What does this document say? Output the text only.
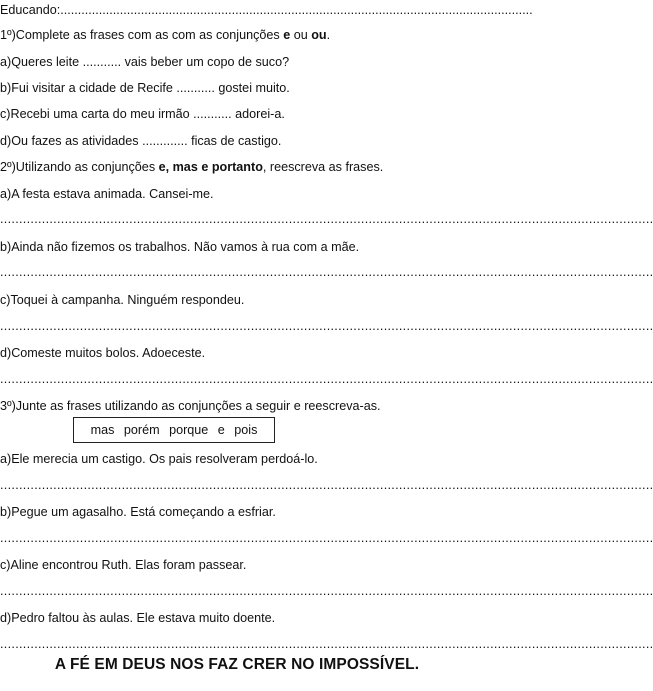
Educando:.......................................................................................................................................
1º)Complete as frases com as com as conjunções e ou ou.
a)Queres leite ........... vais beber um copo de suco?
b)Fui visitar a cidade de Recife ........... gostei muito.
c)Recebi uma carta do meu irmão ........... adorei-a.
d)Ou fazes as atividades ............. ficas de castigo.
2º)Utilizando as conjunções e, mas e portanto, reescreva as frases.
a)A festa estava animada. Cansei-me.
............................................................................................................................................................................
b)Ainda não fizemos os trabalhos. Não vamos à rua com a mãe.
............................................................................................................................................................................
c)Toquei à campanha. Ninguém respondeu.
............................................................................................................................................................................
d)Comeste muitos bolos. Adoeceste.
............................................................................................................................................................................
3º)Junte as frases utilizando as conjunções a seguir e reescreva-as.
mas porém porque e pois
a)Ele merecia um castigo. Os pais resolveram perdoá-lo.
............................................................................................................................................................................
b)Pegue um agasalho. Está começando a esfriar.
............................................................................................................................................................................
c)Aline encontrou Ruth. Elas foram passear.
............................................................................................................................................................................
d)Pedro faltou às aulas. Ele estava muito doente.
............................................................................................................................................................................
A FÉ EM DEUS NOS FAZ CRER NO IMPOSSÍVEL.
